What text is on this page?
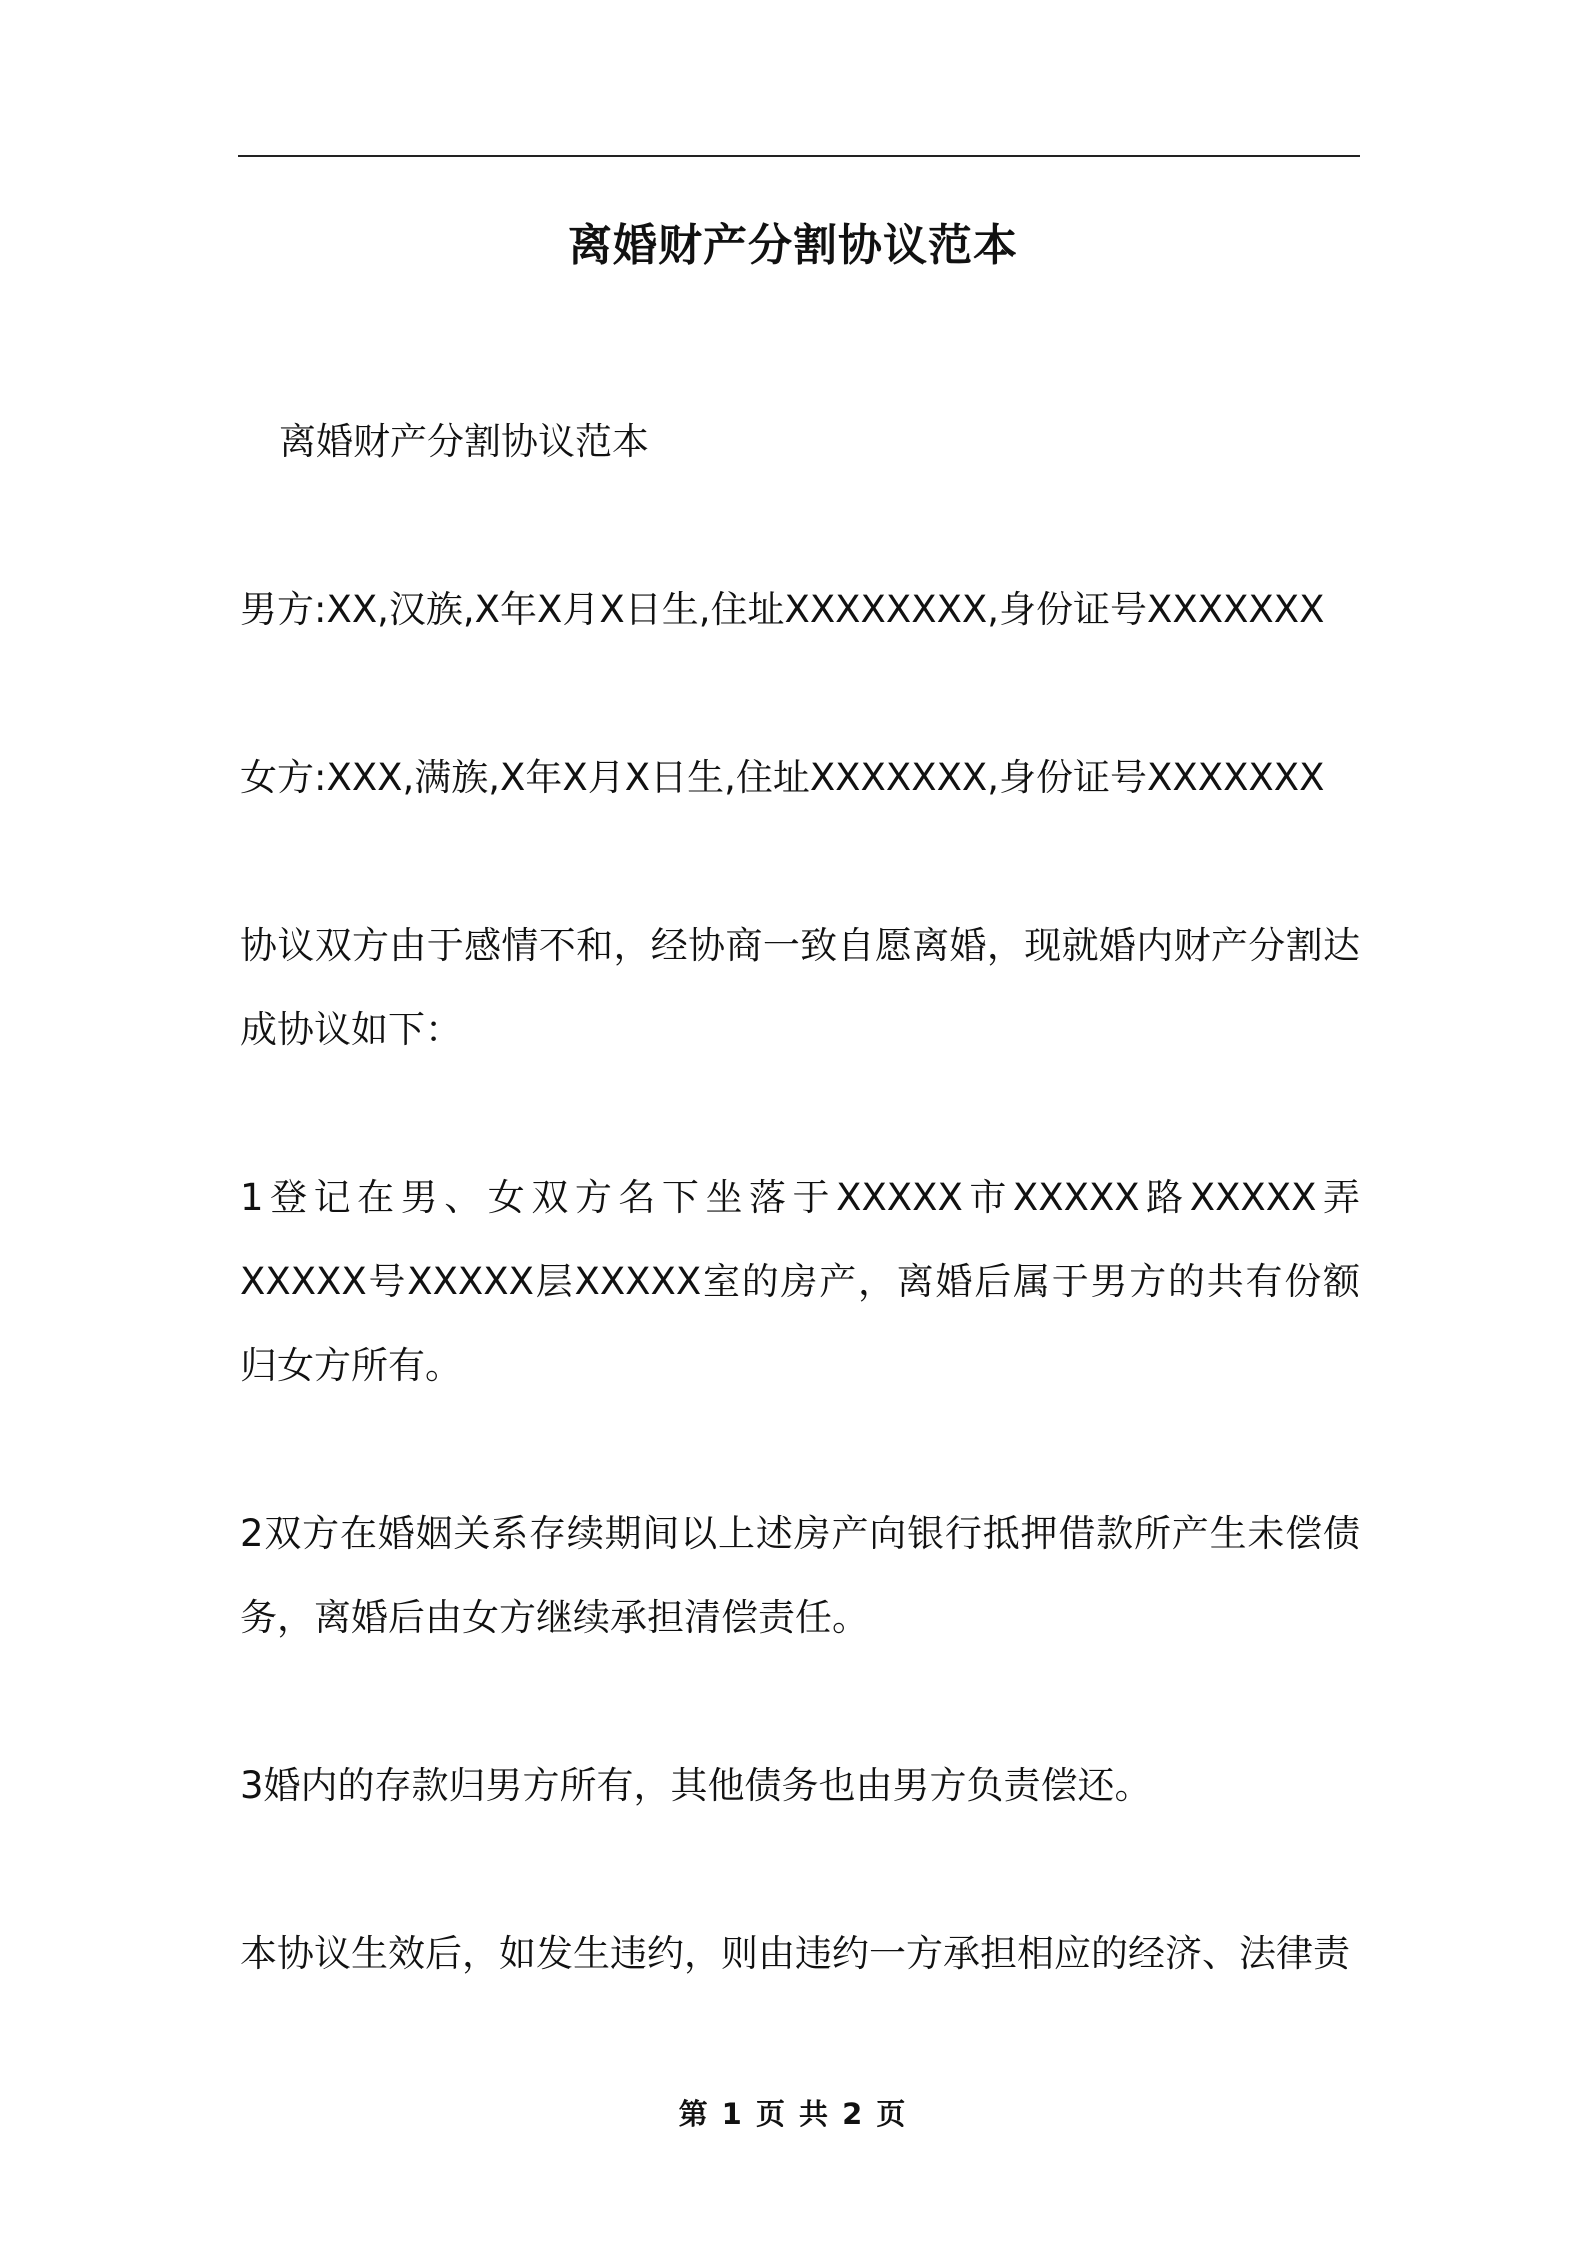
离婚财产分割协议范本

离婚财产分割协议范本

男方:XX,汉族,X年X月X日生,住址XXXXXXXX,身份证号XXXXXXX

女方:XXX,满族,X年X月X日生,住址XXXXXXX,身份证号XXXXXXX

协议双方由于感情不和，经协商一致自愿离婚，现就婚内财产分割达成协议如下：

1登记在男、女双方名下坐落于XXXXX市XXXXX路XXXXX弄XXXXX号XXXXX层XXXXX室的房产，离婚后属于男方的共有份额归女方所有。

2双方在婚姻关系存续期间以上述房产向银行抵押借款所产生未偿债务，离婚后由女方继续承担清偿责任。

3婚内的存款归男方所有，其他债务也由男方负责偿还。

本协议生效后，如发生违约，则由违约一方承担相应的经济、法律责

第 1 页 共 2 页
